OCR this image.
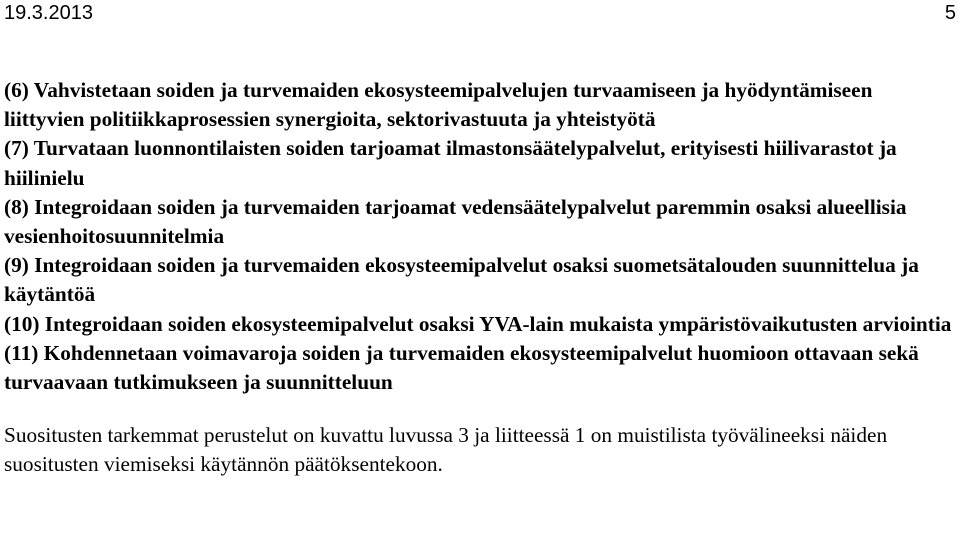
19.3.2013	5

(6) Vahvistetaan soiden ja turvemaiden ekosysteemipalvelujen turvaamiseen ja hyödyntämiseen liittyvien politiikkaprosessien synergioita, sektorivastuuta ja yhteistyötä

(7) Turvataan luonnontilaisten soiden tarjoamat ilmastonsäätelypalvelut, erityisesti hiilivarastot ja hiilinielu

(8) Integroidaan soiden ja turvemaiden tarjoamat vedensäätelypalvelut paremmin osaksi alueellisia vesienhoitosuunnitelmia

(9) Integroidaan soiden ja turvemaiden ekosysteemipalvelut osaksi suometsätalouden suunnittelua ja käytäntöä

(10) Integroidaan soiden ekosysteemipalvelut osaksi YVA-lain mukaista ympäristövaikutusten arviointia

(11) Kohdennetaan voimavaroja soiden ja turvemaiden ekosysteemipalvelut huomioon ottavaan sekä turvaavaan tutkimukseen ja suunnitteluun

Suositusten tarkemmat perustelut on kuvattu luvussa 3 ja liitteessä 1 on muistilista työvälineeksi näiden suositusten viemiseksi käytännön päätöksentekoon.
